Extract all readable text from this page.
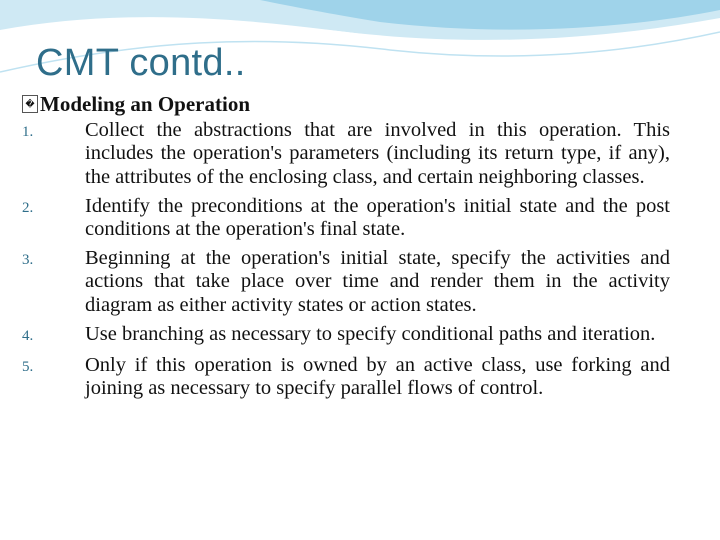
CMT contd..
� Modeling an Operation
1.	Collect the abstractions that are involved in this operation. This includes the operation's parameters (including its return type, if any), the attributes of the enclosing class, and certain neighboring classes.
2.	Identify the preconditions at the operation's initial state and the post conditions at the operation's final state.
3.	Beginning at the operation's initial state, specify the activities and actions that take place over time and render them in the activity diagram as either activity states or action states.
4.	Use branching as necessary to specify conditional paths and iteration.
5.	Only if this operation is owned by an active class, use forking and joining as necessary to specify parallel flows of control.
